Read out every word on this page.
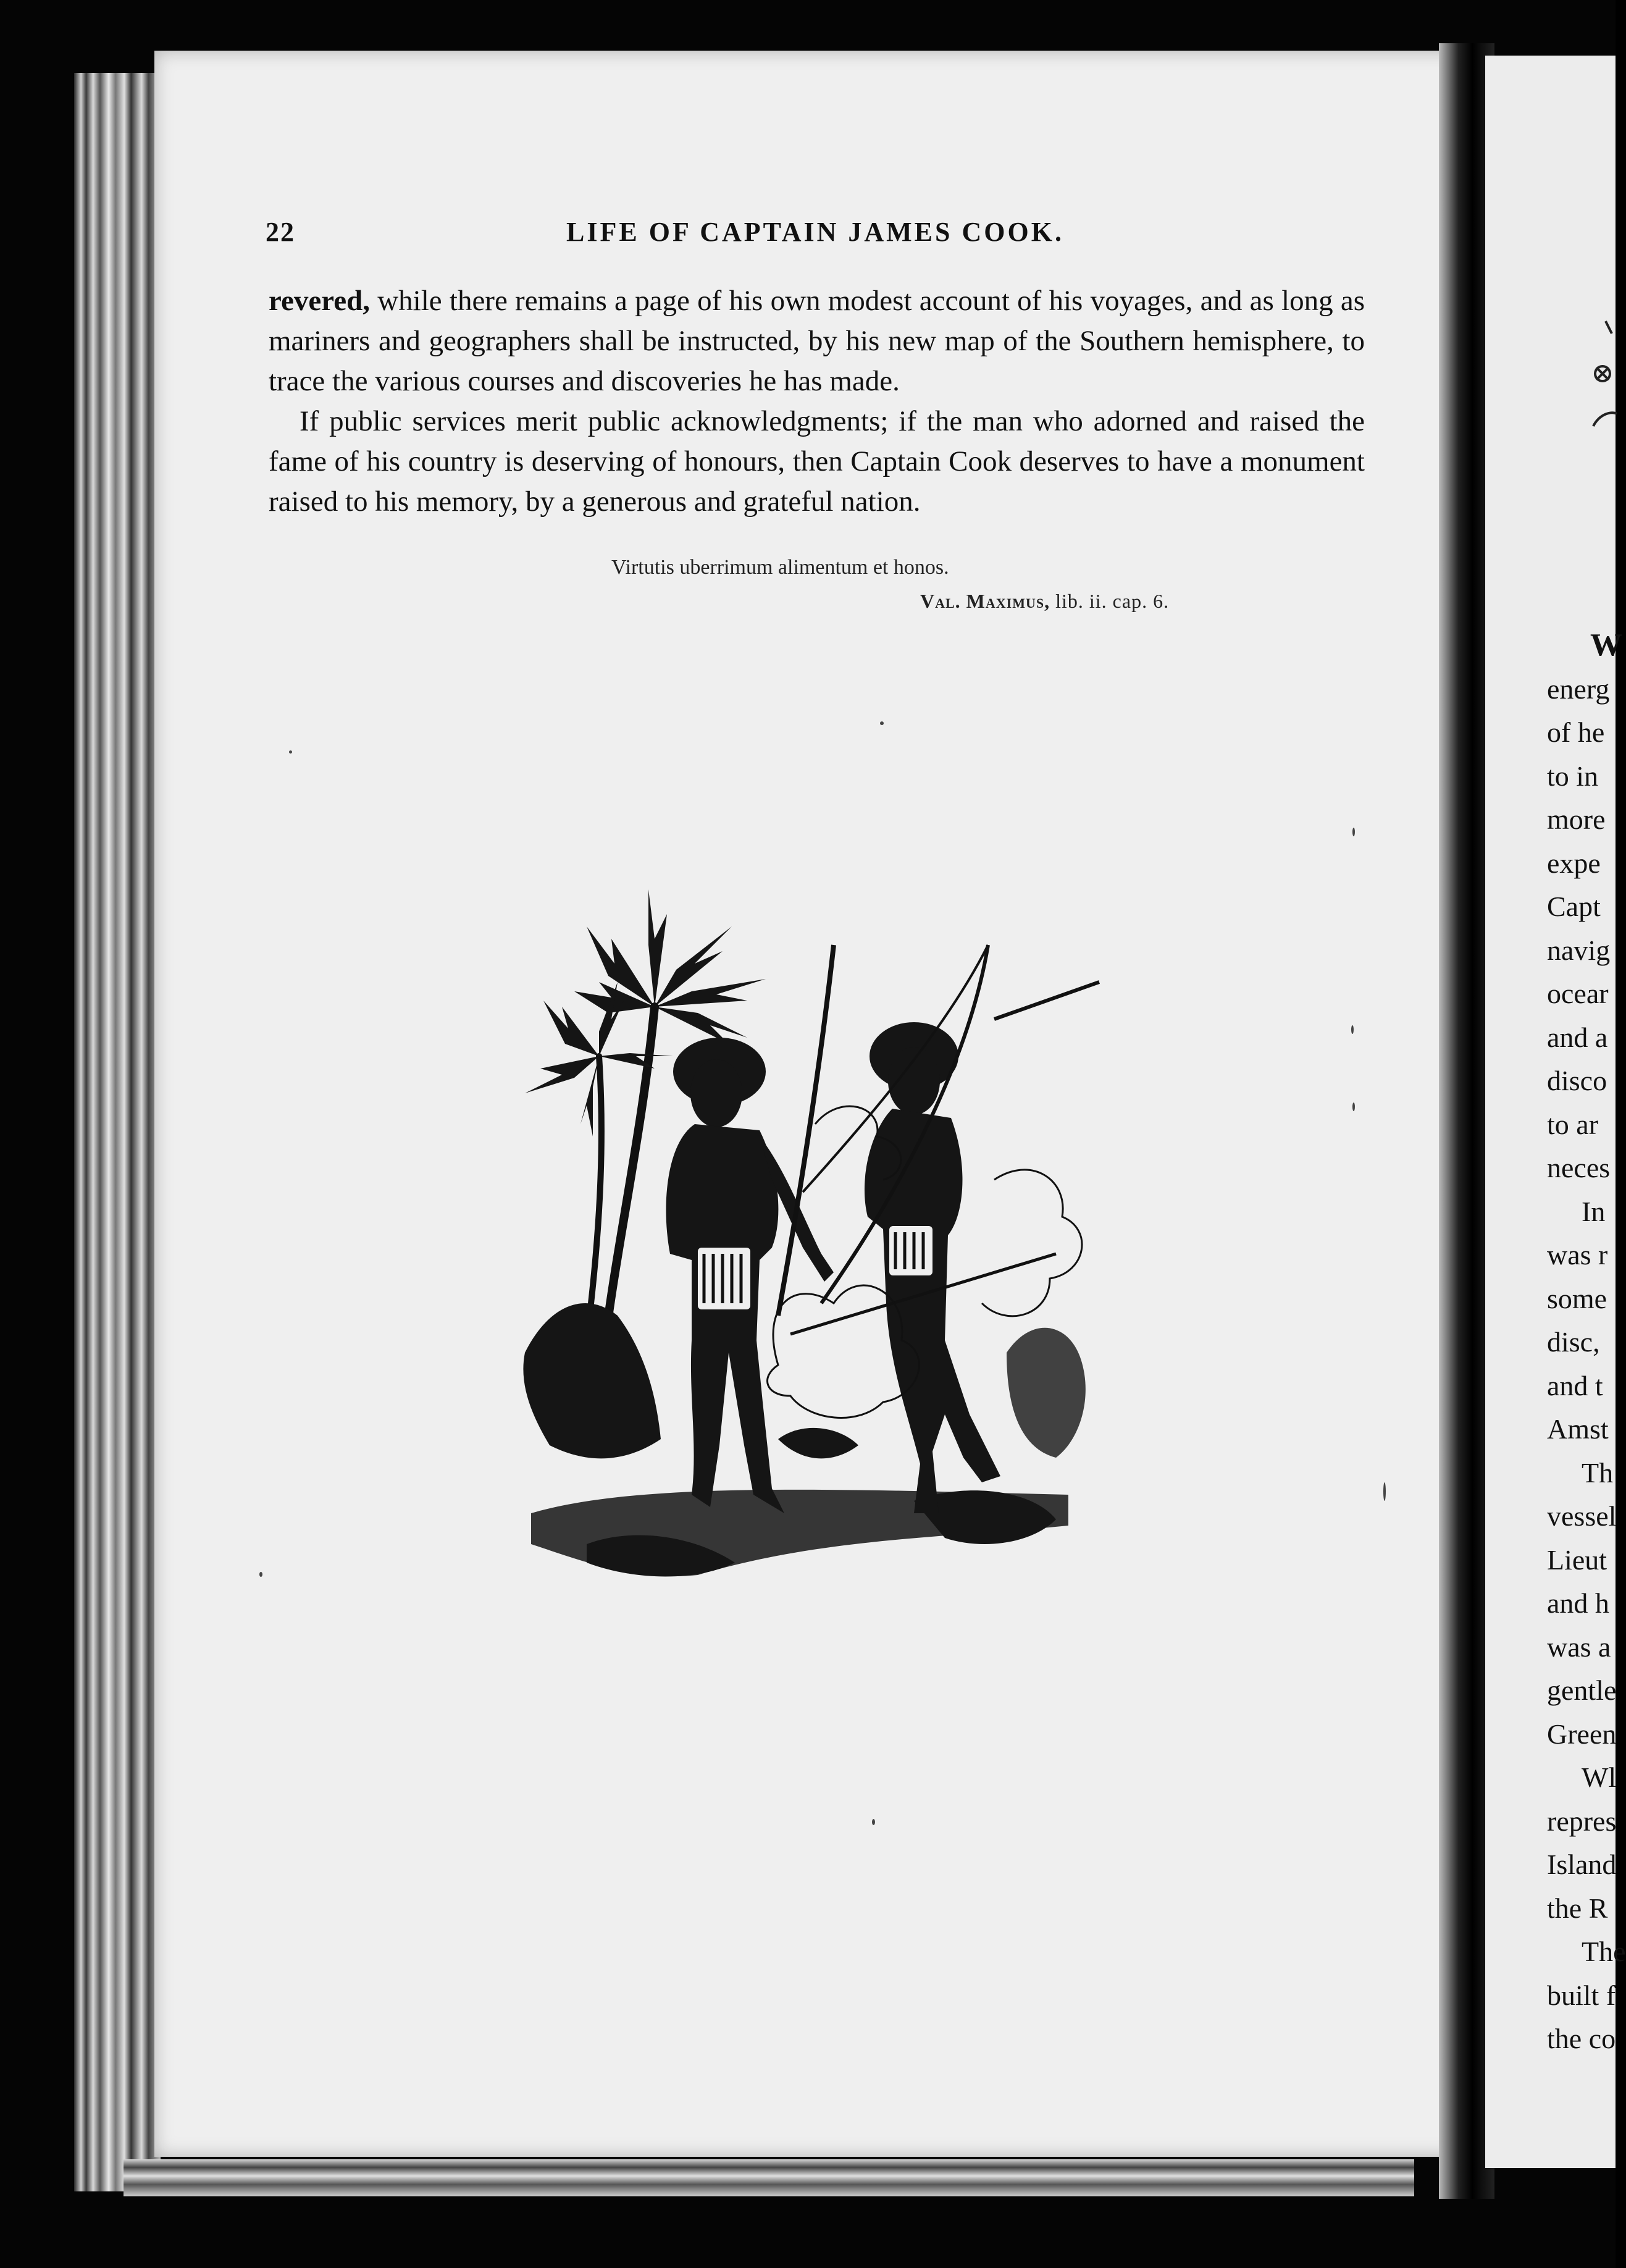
22	LIFE OF CAPTAIN JAMES COOK.

revered, while there remains a page of his own modest account of his voyages, and as long as mariners and geographers shall be instructed, by his new map of the Southern hemisphere, to trace the various courses and discoveries he has made.

If public services merit public acknowledgments; if the man who adorned and raised the fame of his country is deserving of honours, then Captain Cook deserves to have a monument raised to his memory, by a generous and grateful nation.

Virtutis uberrimum alimentum et honos.
Val. Maximus, lib. ii. cap. 6.
W
energ
of he
to in
more
expe
Capt
navig
ocear
and a
disco
to ar
neces
In
was r
some
disc,
and t
Amst
Th
vessel
Lieut
and h
was a
gentle
Green
Wl
repres
Island
the R
The
built f
the co
